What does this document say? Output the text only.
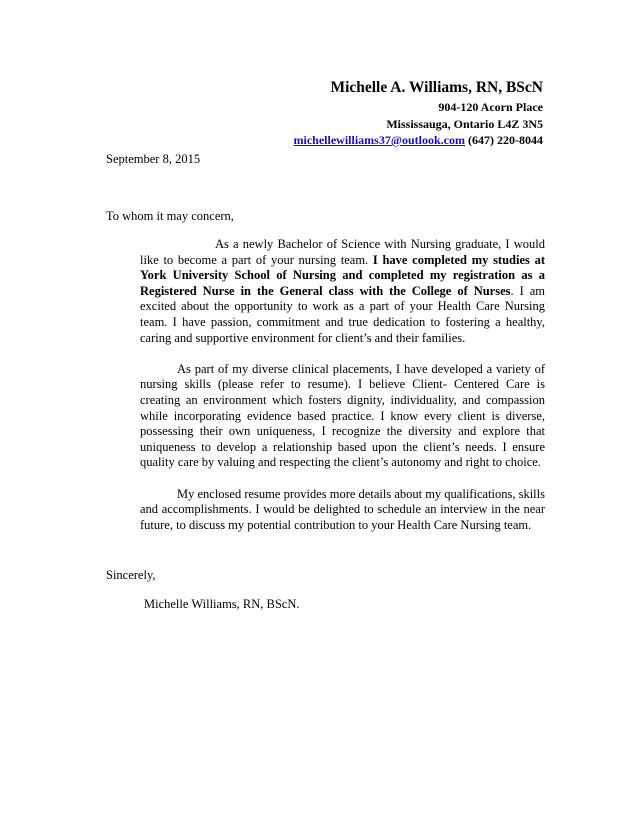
Michelle A. Williams, RN, BScN
904-120 Acorn Place
Mississauga, Ontario L4Z 3N5
michellewilliams37@outlook.com (647) 220-8044
September 8, 2015
To whom it may concern,

As a newly Bachelor of Science with Nursing graduate, I would like to become a part of your nursing team. I have completed my studies at York University School of Nursing and completed my registration as a Registered Nurse in the General class with the College of Nurses. I am excited about the opportunity to work as a part of your Health Care Nursing team. I have passion, commitment and true dedication to fostering a healthy, caring and supportive environment for client’s and their families.

As part of my diverse clinical placements, I have developed a variety of nursing skills (please refer to resume). I believe Client- Centered Care is creating an environment which fosters dignity, individuality, and compassion while incorporating evidence based practice. I know every client is diverse, possessing their own uniqueness, I recognize the diversity and explore that uniqueness to develop a relationship based upon the client’s needs. I ensure quality care by valuing and respecting the client’s autonomy and right to choice.

My enclosed resume provides more details about my qualifications, skills and accomplishments. I would be delighted to schedule an interview in the near future, to discuss my potential contribution to your Health Care Nursing team.

Sincerely,
Michelle Williams, RN, BScN.
